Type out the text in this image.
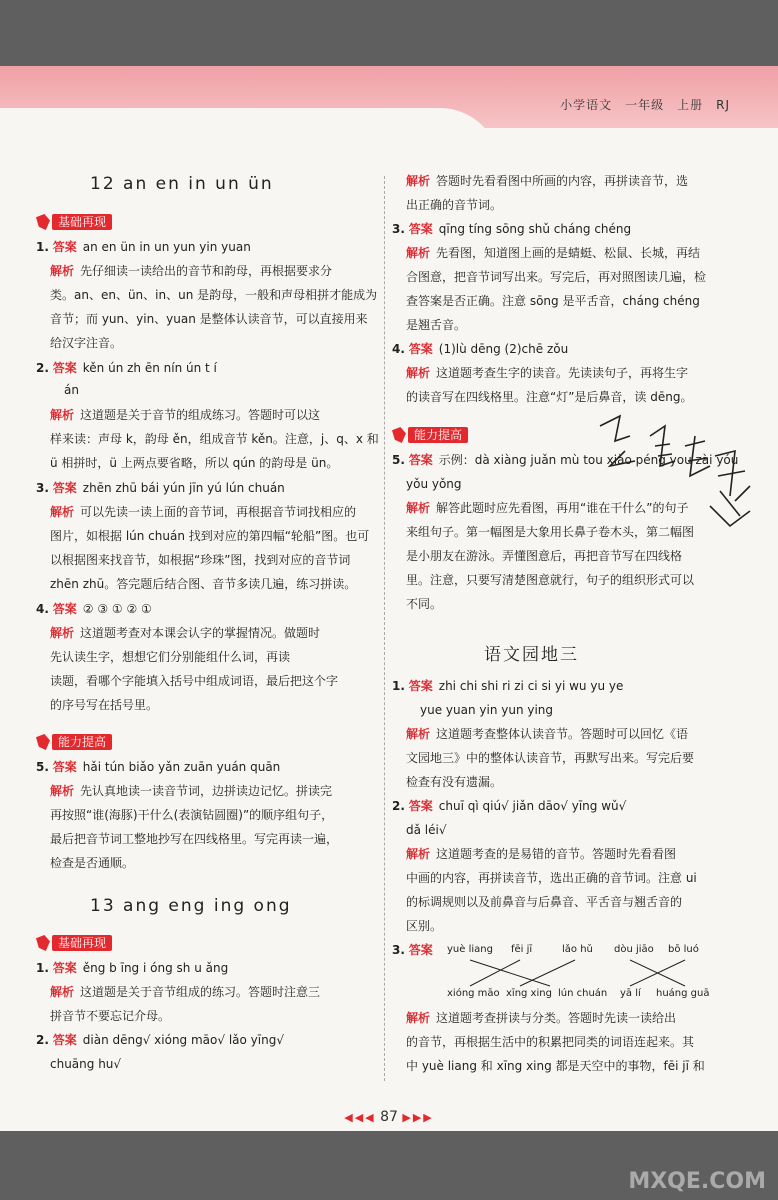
小学语文　一年级　上册　RJ
12 an en in un ün
基础再现
1. 答案 an en ün in un yun yin yuan
解析 先仔细读一读给出的音节和韵母，再根据要求分
类。an、en、ün、in、un 是韵母，一般和声母相拼才能成为
音节；而 yun、yin、yuan 是整体认读音节，可以直接用来
给汉字注音。
2. 答案 kěn ún zh ēn nín ún t í
án
解析 这道题是关于音节的组成练习。答题时可以这
样来读：声母 k，韵母 ěn，组成音节 kěn。注意，j、q、x 和
ü 相拼时，ü 上两点要省略，所以 qún 的韵母是 ün。
3. 答案 zhēn zhū bái yún jīn yú lún chuán
解析 可以先读一读上面的音节词，再根据音节词找相应的
图片，如根据 lún chuán 找到对应的第四幅“轮船”图。也可
以根据图来找音节，如根据“珍珠”图，找到对应的音节词
zhēn zhū。答完题后结合图、音节多读几遍，练习拼读。
4. 答案 ② ③ ① ② ①
解析 这道题考查对本课会认字的掌握情况。做题时
先认读生字，想想它们分别能组什么词，再读
读题，看哪个字能填入括号中组成词语，最后把这个字
的序号写在括号里。
能力提高
5. 答案 hǎi tún biǎo yǎn zuān yuán quān
解析 先认真地读一读音节词，边拼读边记忆。拼读完
再按照“谁(海豚)干什么(表演钻圆圈)”的顺序组句子，
最后把音节词工整地抄写在四线格里。写完再读一遍，
检查是否通顺。
13 ang eng ing ong
基础再现
1. 答案 ěng b īng i óng sh u ǎng
解析 这道题是关于音节组成的练习。答题时注意三
拼音节不要忘记介母。
2. 答案 diàn dēng√ xióng māo√ lǎo yīng√
chuāng hu√
解析 答题时先看看图中所画的内容，再拼读音节，选
出正确的音节词。
3. 答案 qīng tíng sōng shǔ cháng chéng
解析 先看图，知道图上画的是蜻蜓、松鼠、长城，再结
合图意，把音节词写出来。写完后，再对照图读几遍，检
查答案是否正确。注意 sōng 是平舌音，cháng chéng
是翘舌音。
4. 答案 (1)lù dēng (2)chē zǒu
解析 这道题考查生字的读音。先读读句子，再将生字
的读音写在四线格里。注意“灯”是后鼻音，读 dēng。
能力提高
5. 答案 示例：dà xiàng juǎn mù tou xiǎo péng you zài yóu
yǒu yǒng
解析 解答此题时应先看图，再用“谁在干什么”的句子
来组句子。第一幅图是大象用长鼻子卷木头，第二幅图
是小朋友在游泳。弄懂图意后，再把音节写在四线格
里。注意，只要写清楚图意就行，句子的组织形式可以
不同。
语文园地三
1. 答案 zhi chi shi ri zi ci si yi wu yu ye
yue yuan yin yun ying
解析 这道题考查整体认读音节。答题时可以回忆《语
文园地三》中的整体认读音节，再默写出来。写完后要
检查有没有遗漏。
2. 答案 chuī qì qiú√ jiǎn dāo√ yīng wǔ√
dǎ léi√
解析 这道题考查的是易错的音节。答题时先看看图
中画的内容，再拼读音节，选出正确的音节词。注意 ui
的标调规则以及前鼻音与后鼻音、平舌音与翘舌音的
区别。
3. 答案	yuè liang fēi jī	lǎo hǔ dòu jiāo bō luó
xióng māo xīng xing lún chuán yā lí huáng guā
解析 这道题考查拼读与分类。答题时先读一读给出
的音节，再根据生活中的积累把同类的词语连起来。其
中 yuè liang 和 xīng xing 都是天空中的事物，fēi jī 和
◀◀◀ 87 ▶▶▶
MXQE.COM
